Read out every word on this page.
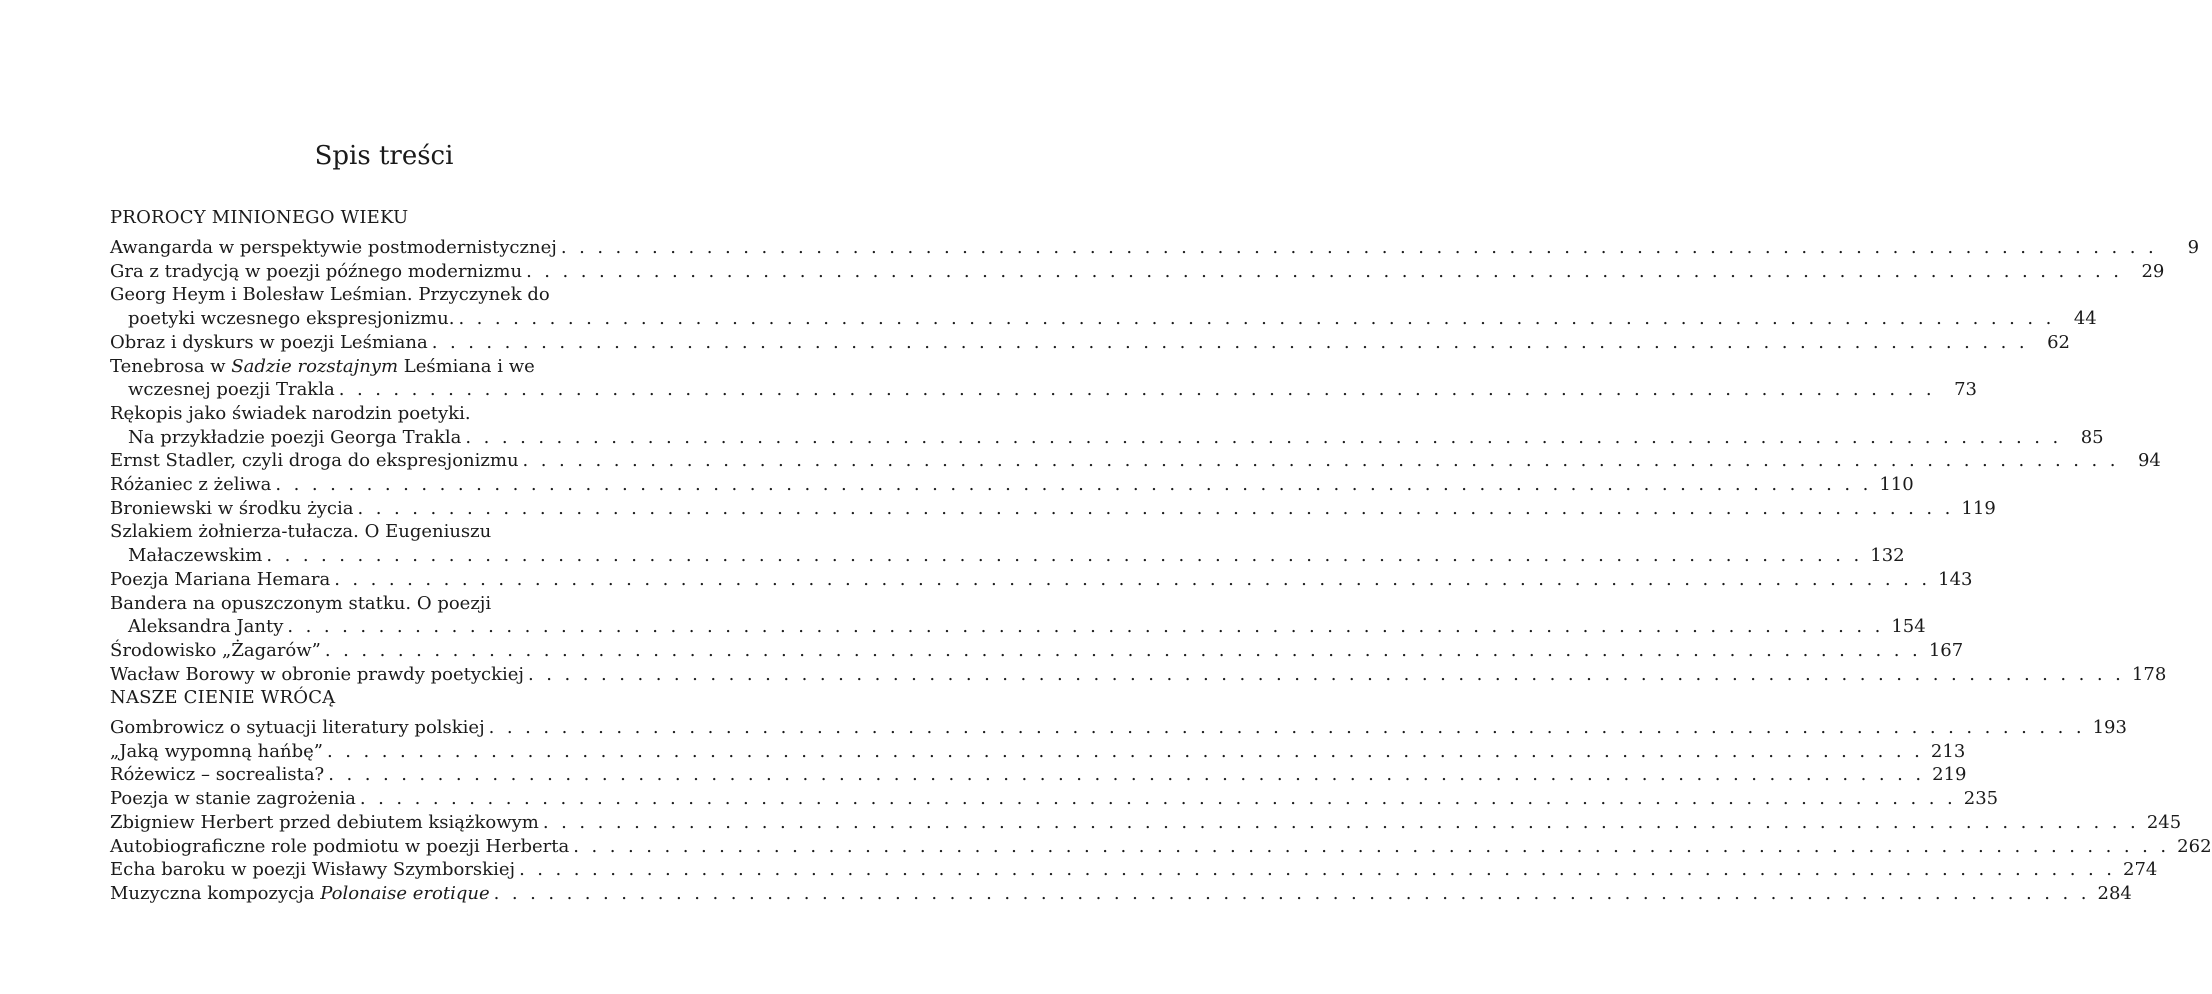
Spis treści
PROROCY MINIONEGO WIEKU
Awangarda w perspektywie postmodernistycznej . . . . . . . . . . . . . . . . . . . . . . . . . . . . . . . . . . . . . . . . . . . . . . . . . . . . . . . . . . . . . . . . . . . . . . . . . . . . . . . . . . . . . . . .	9
Gra z tradycją w poezji późnego modernizmu . . . . . . . . . . . . . . . . . . . . . . . . . . . . . . . . . . . . . . . . . . . . . . . . . . . . . . . . . . . . . . . . . . . . . . . . . . . . . . . . . . . . . . . .	29
Georg Heym i Bolesław Leśmian. Przyczynek do
poetyki wczesnego ekspresjonizmu. . . . . . . . . . . . . . . . . . . . . . . . . . . . . . . . . . . . . . . . . . . . . . . . . . . . . . . . . . . . . . . . . . . . . . . . . . . . . . . . . . . . . . . . .	44
Obraz i dyskurs w poezji Leśmiana . . . . . . . . . . . . . . . . . . . . . . . . . . . . . . . . . . . . . . . . . . . . . . . . . . . . . . . . . . . . . . . . . . . . . . . . . . . . . . . . . . . . . . . .	62
Tenebrosa w Sadzie rozstajnym Leśmiana i we
wczesnej poezji Trakla . . . . . . . . . . . . . . . . . . . . . . . . . . . . . . . . . . . . . . . . . . . . . . . . . . . . . . . . . . . . . . . . . . . . . . . . . . . . . . . . . . . . . . . .	73
Rękopis jako świadek narodzin poetyki.
Na przykładzie poezji Georga Trakla . . . . . . . . . . . . . . . . . . . . . . . . . . . . . . . . . . . . . . . . . . . . . . . . . . . . . . . . . . . . . . . . . . . . . . . . . . . . . . . . . . . . . . . .	85
Ernst Stadler, czyli droga do ekspresjonizmu . . . . . . . . . . . . . . . . . . . . . . . . . . . . . . . . . . . . . . . . . . . . . . . . . . . . . . . . . . . . . . . . . . . . . . . . . . . . . . . . . . . . . . . .	94
Różaniec z żeliwa . . . . . . . . . . . . . . . . . . . . . . . . . . . . . . . . . . . . . . . . . . . . . . . . . . . . . . . . . . . . . . . . . . . . . . . . . . . . . . . . . . . . . . . . 110
Broniewski w środku życia . . . . . . . . . . . . . . . . . . . . . . . . . . . . . . . . . . . . . . . . . . . . . . . . . . . . . . . . . . . . . . . . . . . . . . . . . . . . . . . . . . . . . . . . 119
Szlakiem żołnierza-tułacza. O Eugeniuszu
Małaczewskim . . . . . . . . . . . . . . . . . . . . . . . . . . . . . . . . . . . . . . . . . . . . . . . . . . . . . . . . . . . . . . . . . . . . . . . . . . . . . . . . . . . . . . . . 132
Poezja Mariana Hemara . . . . . . . . . . . . . . . . . . . . . . . . . . . . . . . . . . . . . . . . . . . . . . . . . . . . . . . . . . . . . . . . . . . . . . . . . . . . . . . . . . . . . . . . 143
Bandera na opuszczonym statku. O poezji
Aleksandra Janty . . . . . . . . . . . . . . . . . . . . . . . . . . . . . . . . . . . . . . . . . . . . . . . . . . . . . . . . . . . . . . . . . . . . . . . . . . . . . . . . . . . . . . . . 154
Środowisko „Żagarów” . . . . . . . . . . . . . . . . . . . . . . . . . . . . . . . . . . . . . . . . . . . . . . . . . . . . . . . . . . . . . . . . . . . . . . . . . . . . . . . . . . . . . . . . 167
Wacław Borowy w obronie prawdy poetyckiej . . . . . . . . . . . . . . . . . . . . . . . . . . . . . . . . . . . . . . . . . . . . . . . . . . . . . . . . . . . . . . . . . . . . . . . . . . . . . . . . . . . . . . . . 178
NASZE CIENIE WRÓCĄ
Gombrowicz o sytuacji literatury polskiej . . . . . . . . . . . . . . . . . . . . . . . . . . . . . . . . . . . . . . . . . . . . . . . . . . . . . . . . . . . . . . . . . . . . . . . . . . . . . . . . . . . . . . . . 193
„Jaką wypomną hańbę” . . . . . . . . . . . . . . . . . . . . . . . . . . . . . . . . . . . . . . . . . . . . . . . . . . . . . . . . . . . . . . . . . . . . . . . . . . . . . . . . . . . . . . . . 213
Różewicz – socrealista? . . . . . . . . . . . . . . . . . . . . . . . . . . . . . . . . . . . . . . . . . . . . . . . . . . . . . . . . . . . . . . . . . . . . . . . . . . . . . . . . . . . . . . . . 219
Poezja w stanie zagrożenia . . . . . . . . . . . . . . . . . . . . . . . . . . . . . . . . . . . . . . . . . . . . . . . . . . . . . . . . . . . . . . . . . . . . . . . . . . . . . . . . . . . . . . . . 235
Zbigniew Herbert przed debiutem książkowym . . . . . . . . . . . . . . . . . . . . . . . . . . . . . . . . . . . . . . . . . . . . . . . . . . . . . . . . . . . . . . . . . . . . . . . . . . . . . . . . . . . . . . . . 245
Autobiograficzne role podmiotu w poezji Herberta . . . . . . . . . . . . . . . . . . . . . . . . . . . . . . . . . . . . . . . . . . . . . . . . . . . . . . . . . . . . . . . . . . . . . . . . . . . . . . . . . . . . . . . . 262
Echa baroku w poezji Wisławy Szymborskiej . . . . . . . . . . . . . . . . . . . . . . . . . . . . . . . . . . . . . . . . . . . . . . . . . . . . . . . . . . . . . . . . . . . . . . . . . . . . . . . . . . . . . . . . 274
Muzyczna kompozycja Polonaise erotique . . . . . . . . . . . . . . . . . . . . . . . . . . . . . . . . . . . . . . . . . . . . . . . . . . . . . . . . . . . . . . . . . . . . . . . . . . . . . . . . . . . . . . . . 284
